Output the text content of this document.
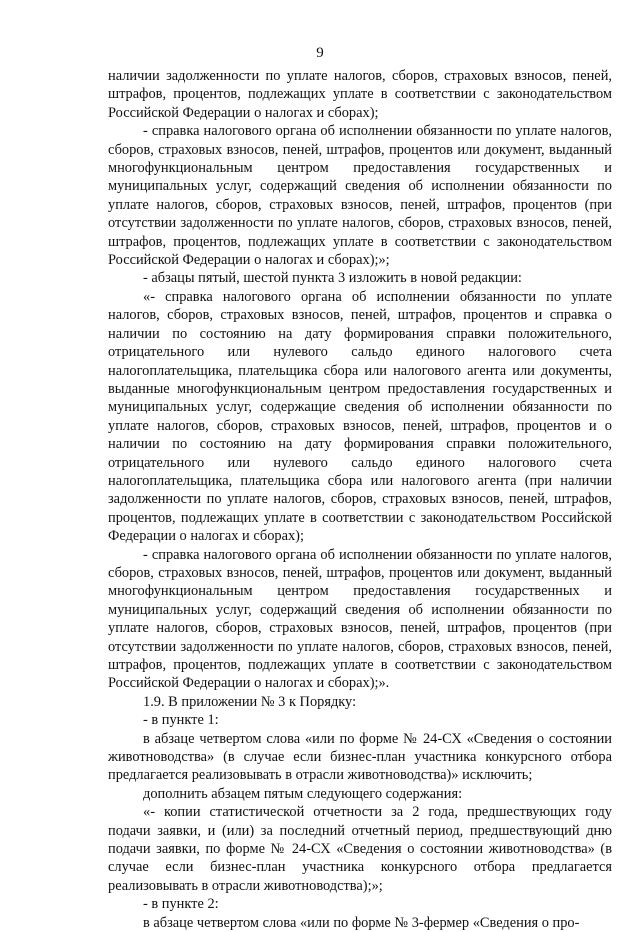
9

наличии задолженности по уплате налогов, сборов, страховых взносов, пеней, штрафов, процентов, подлежащих уплате в соответствии с законодательством Российской Федерации о налогах и сборах);

- справка налогового органа об исполнении обязанности по уплате налогов, сборов, страховых взносов, пеней, штрафов, процентов или документ, выданный многофункциональным центром предоставления государственных и муниципальных услуг, содержащий сведения об исполнении обязанности по уплате налогов, сборов, страховых взносов, пеней, штрафов, процентов (при отсутствии задолженности по уплате налогов, сборов, страховых взносов, пеней, штрафов, процентов, подлежащих уплате в соответствии с законодательством Российской Федерации о налогах и сборах);»;

- абзацы пятый, шестой пункта 3 изложить в новой редакции:

«- справка налогового органа об исполнении обязанности по уплате налогов, сборов, страховых взносов, пеней, штрафов, процентов и справка о наличии по состоянию на дату формирования справки положительного, отрицательного или нулевого сальдо единого налогового счета налогоплательщика, плательщика сбора или налогового агента или документы, выданные многофункциональным центром предоставления государственных и муниципальных услуг, содержащие сведения об исполнении обязанности по уплате налогов, сборов, страховых взносов, пеней, штрафов, процентов и о наличии по состоянию на дату формирования справки положительного, отрицательного или нулевого сальдо единого налогового счета налогоплательщика, плательщика сбора или налогового агента (при наличии задолженности по уплате налогов, сборов, страховых взносов, пеней, штрафов, процентов, подлежащих уплате в соответствии с законодательством Российской Федерации о налогах и сборах);

- справка налогового органа об исполнении обязанности по уплате налогов, сборов, страховых взносов, пеней, штрафов, процентов или документ, выданный многофункциональным центром предоставления государственных и муниципальных услуг, содержащий сведения об исполнении обязанности по уплате налогов, сборов, страховых взносов, пеней, штрафов, процентов (при отсутствии задолженности по уплате налогов, сборов, страховых взносов, пеней, штрафов, процентов, подлежащих уплате в соответствии с законодательством Российской Федерации о налогах и сборах);».

1.9. В приложении № 3 к Порядку:

- в пункте 1:

в абзаце четвертом слова «или по форме № 24-СХ «Сведения о состоянии животноводства» (в случае если бизнес-план участника конкурсного отбора предлагается реализовывать в отрасли животноводства)» исключить;

дополнить абзацем пятым следующего содержания:

«- копии статистической отчетности за 2 года, предшествующих году подачи заявки, и (или) за последний отчетный период, предшествующий дню подачи заявки, по форме № 24-СХ «Сведения о состоянии животноводства» (в случае если бизнес-план участника конкурсного отбора предлагается реализовывать в отрасли животноводства);»;

- в пункте 2:

в абзаце четвертом слова «или по форме № 3-фермер «Сведения о про-
